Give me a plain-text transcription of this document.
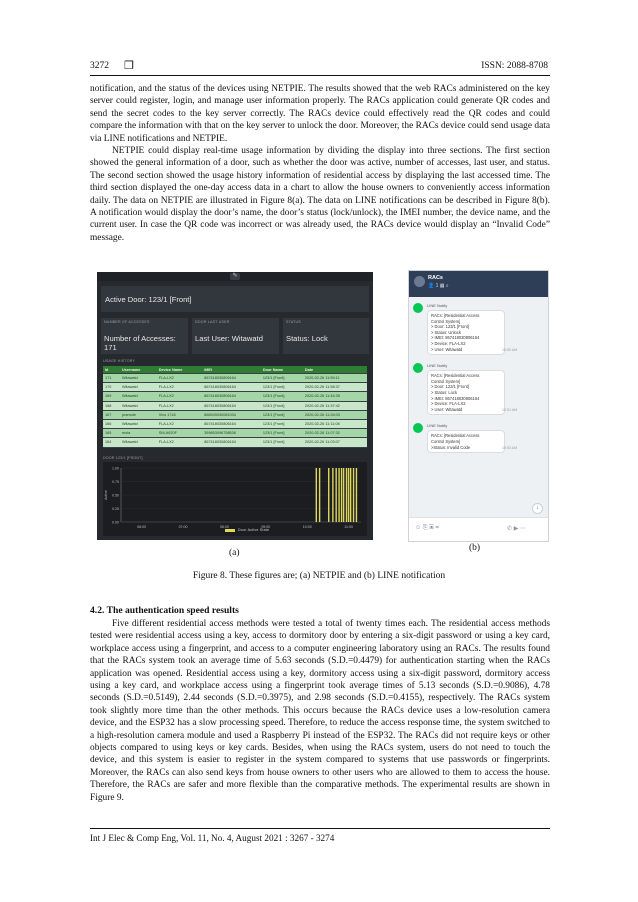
3272 ❒	ISSN: 2088-8708

notification, and the status of the devices using NETPIE. The results showed that the web RACs administered on the key server could register, login, and manage user information properly. The RACs application could generate QR codes and send the secret codes to the key server correctly. The RACs device could effectively read the QR codes and could compare the information with that on the key server to unlock the door. Moreover, the RACs device could send usage data via LINE notifications and NETPIE.

NETPIE could display real-time usage information by dividing the display into three sections. The first section showed the general information of a door, such as whether the door was active, number of accesses, last user, and status. The second section showed the usage history information of residential access by displaying the last accessed time. The third section displayed the one-day access data in a chart to allow the house owners to conveniently access information daily. The data on NETPIE are illustrated in Figure 8(a). The data on LINE notifications can be described in Figure 8(b). A notification would display the door’s name, the door’s status (lock/unlock), the IMEI number, the device name, and the current user. In case the QR code was incorrect or was already used, the RACs device would display an “Invalid Code” message.

✎
Active Door: 123/1 [Front]
NUMBER OF ACCESSES
Number of Accesses: 171
DOOR LAST USER
Last User: Witawatd
STATUS
Status: Lock
USAGE HISTORY
Id	Username	Device Name	IMEI	Door Name	Date
171	Witawatd	FLA-LX2	867418030806164	123/1 [Front]	2020-02-26 11:59:11
170	Witawatd	FLA-LX2	867418030806164	123/1 [Front]	2020-02-26 11:58:37
169	Witawatd	FLA-LX2	867418030806164	123/1 [Front]	2020-02-26 11:44:39
168	Witawatd	FLA-LX2	867418030806164	123/1 [Front]	2020-02-26 11:37:42
167	pramote	Vivo 1718	866949030081934	123/1 [Front]	2020-02-26 11:26:03
166	Witawatd	FLA-LX2	867418030806164	123/1 [Front]	2020-02-26 11:11:08
165	mola	SM-A920F	359853096758536	123/1 [Front]	2020-02-26 11:07:32
164	Witawatd	FLA-LX2	867418030806164	123/1 [Front]	2020-02-26 11:03:07
DOOR 123/1 [FRONT]
1.00
0.75
0.50
0.25
0.00
06:00	07:00	08:00	09:00	10:00	11:00
Active
Door Active State
RACs
👤 1 ▦ ⌕
LINE Notify
RACs: [Residential Access
Control System]
> Door: 123/1 [Front]
> Status: Unlock
> IMEI: 867418030806164
> Device: FLA-LX2
> User: Witawatd	10:50 AM
LINE Notify
RACs: [Residential Access
Control System]
> Door: 123/1 [Front]
> Status: Lock
> IMEI: 867418030806164
> Device: FLA-LX2
> User: Witawatd	10:51 AM
LINE Notify
RACs: [Residential Access
Control System]
>Status: Invalid Code	10:53 AM
↓
☺ ⎘ ▣ ⌗	✆ ▶ ⋯
(a)	(b)
Figure 8. These figures are; (a) NETPIE and (b) LINE notification
4.2. The authentication speed results

Five different residential access methods were tested a total of twenty times each. The residential access methods tested were residential access using a key, access to dormitory door by entering a six-digit password or using a key card, workplace access using a fingerprint, and access to a computer engineering laboratory using an RACs. The results found that the RACs system took an average time of 5.63 seconds (S.D.=0.4479) for authentication starting when the RACs application was opened. Residential access using a key, dormitory access using a six-digit password, dormitory access using a key card, and workplace access using a fingerprint took average times of 5.13 seconds (S.D.=0.9086), 4.78 seconds (S.D.=0.5149), 2.44 seconds (S.D.=0.3975), and 2.98 seconds (S.D.=0.4155), respectively. The RACs system took slightly more time than the other methods. This occurs because the RACs device uses a low-resolution camera device, and the ESP32 has a slow processing speed. Therefore, to reduce the access response time, the system switched to a high-resolution camera module and used a Raspberry Pi instead of the ESP32. The RACs did not require keys or other objects compared to using keys or key cards. Besides, when using the RACs system, users do not need to touch the device, and this system is easier to register in the system compared to systems that use passwords or fingerprints. Moreover, the RACs can also send keys from house owners to other users who are allowed to them to access the house. Therefore, the RACs are safer and more flexible than the comparative methods. The experimental results are shown in Figure 9.

Int J Elec & Comp Eng, Vol. 11, No. 4, August 2021 : 3267 - 3274
